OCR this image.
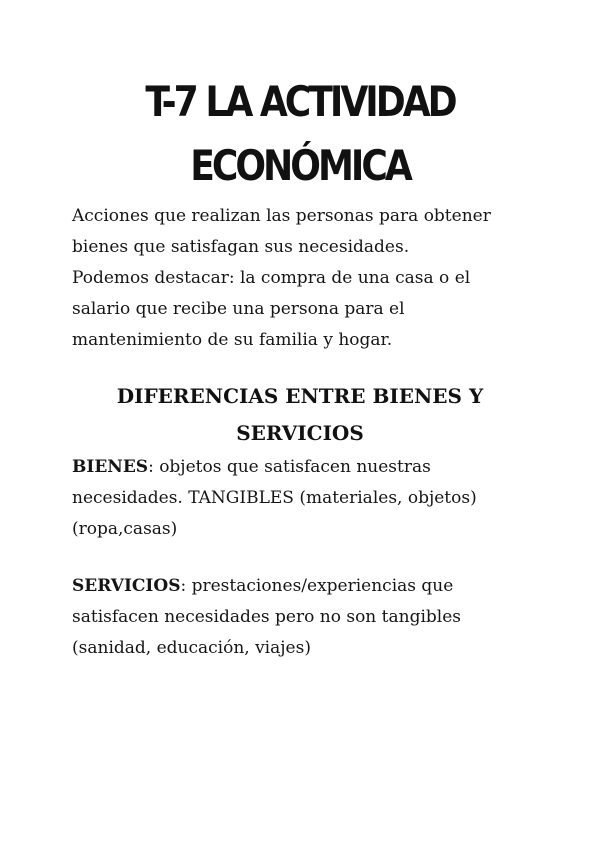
T-7 LA ACTIVIDAD
ECONÓMICA

Acciones que realizan las personas para obtener
bienes que satisfagan sus necesidades.
Podemos destacar: la compra de una casa o el
salario que recibe una persona para el
mantenimiento de su familia y hogar.

DIFERENCIAS ENTRE BIENES Y
SERVICIOS

BIENES: objetos que satisfacen nuestras
necesidades. TANGIBLES (materiales, objetos)
(ropa,casas)

SERVICIOS: prestaciones/experiencias que
satisfacen necesidades pero no son tangibles
(sanidad, educación, viajes)
